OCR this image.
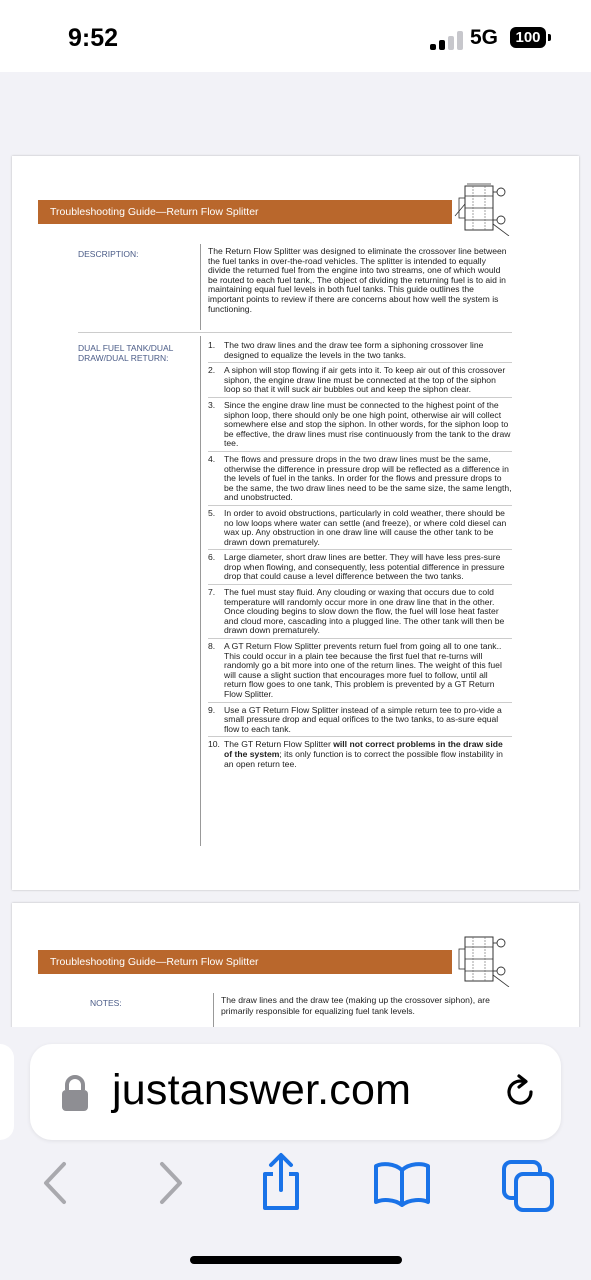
9:52	5G	100
Troubleshooting Guide—Return Flow Splitter
DESCRIPTION:	The Return Flow Splitter was designed to eliminate the crossover line between the fuel tanks in over-the-road vehicles. The splitter is intended to equally divide the returned fuel from the engine into two streams, one of which would be routed to each fuel tank,. The object of dividing the returning fuel is to aid in maintaining equal fuel levels in both fuel tanks. This guide outlines the important points to review if there are concerns about how well the system is functioning.
DUAL FUEL TANK/DUAL DRAW/DUAL RETURN:
1. The two draw lines and the draw tee form a siphoning crossover line designed to equalize the levels in the two tanks.
2. A siphon will stop flowing if air gets into it. To keep air out of this crossover siphon, the engine draw line must be connected at the top of the siphon loop so that it will suck air bubbles out and keep the siphon clear.
3. Since the engine draw line must be connected to the highest point of the siphon loop, there should only be one high point, otherwise air will collect somewhere else and stop the siphon. In other words, for the siphon loop to be effective, the draw lines must rise continuously from the tank to the draw tee.
4. The flows and pressure drops in the two draw lines must be the same, otherwise the difference in pressure drop will be reflected as a difference in the levels of fuel in the tanks. In order for the flows and pressure drops to be the same, the two draw lines need to be the same size, the same length, and unobstructed.
5. In order to avoid obstructions, particularly in cold weather, there should be no low loops where water can settle (and freeze), or where cold diesel can wax up. Any obstruction in one draw line will cause the other tank to be drawn down prematurely.
6. Large diameter, short draw lines are better. They will have less pres-sure drop when flowing, and consequently, less potential difference in pressure drop that could cause a level difference between the two tanks.
7. The fuel must stay fluid. Any clouding or waxing that occurs due to cold temperature will randomly occur more in one draw line that in the other. Once clouding begins to slow down the flow, the fuel will lose heat faster and cloud more, cascading into a plugged line. The other tank will then be drawn down prematurely.
8. A GT Return Flow Splitter prevents return fuel from going all to one tank.. This could occur in a plain tee because the first fuel that re-turns will randomly go a bit more into one of the return lines. The weight of this fuel will cause a slight suction that encourages more fuel to follow, until all return flow goes to one tank, This problem is prevented by a GT Return Flow Splitter.
9. Use a GT Return Flow Splitter instead of a simple return tee to pro-vide a small pressure drop and equal orifices to the two tanks, to as-sure equal flow to each tank.
10. The GT Return Flow Splitter will not correct problems in the draw side of the system; its only function is to correct the possible flow instability in an open return tee.
Troubleshooting Guide—Return Flow Splitter
NOTES:	The draw lines and the draw tee (making up the crossover siphon), are primarily responsible for equalizing fuel tank levels.
justanswer.com
